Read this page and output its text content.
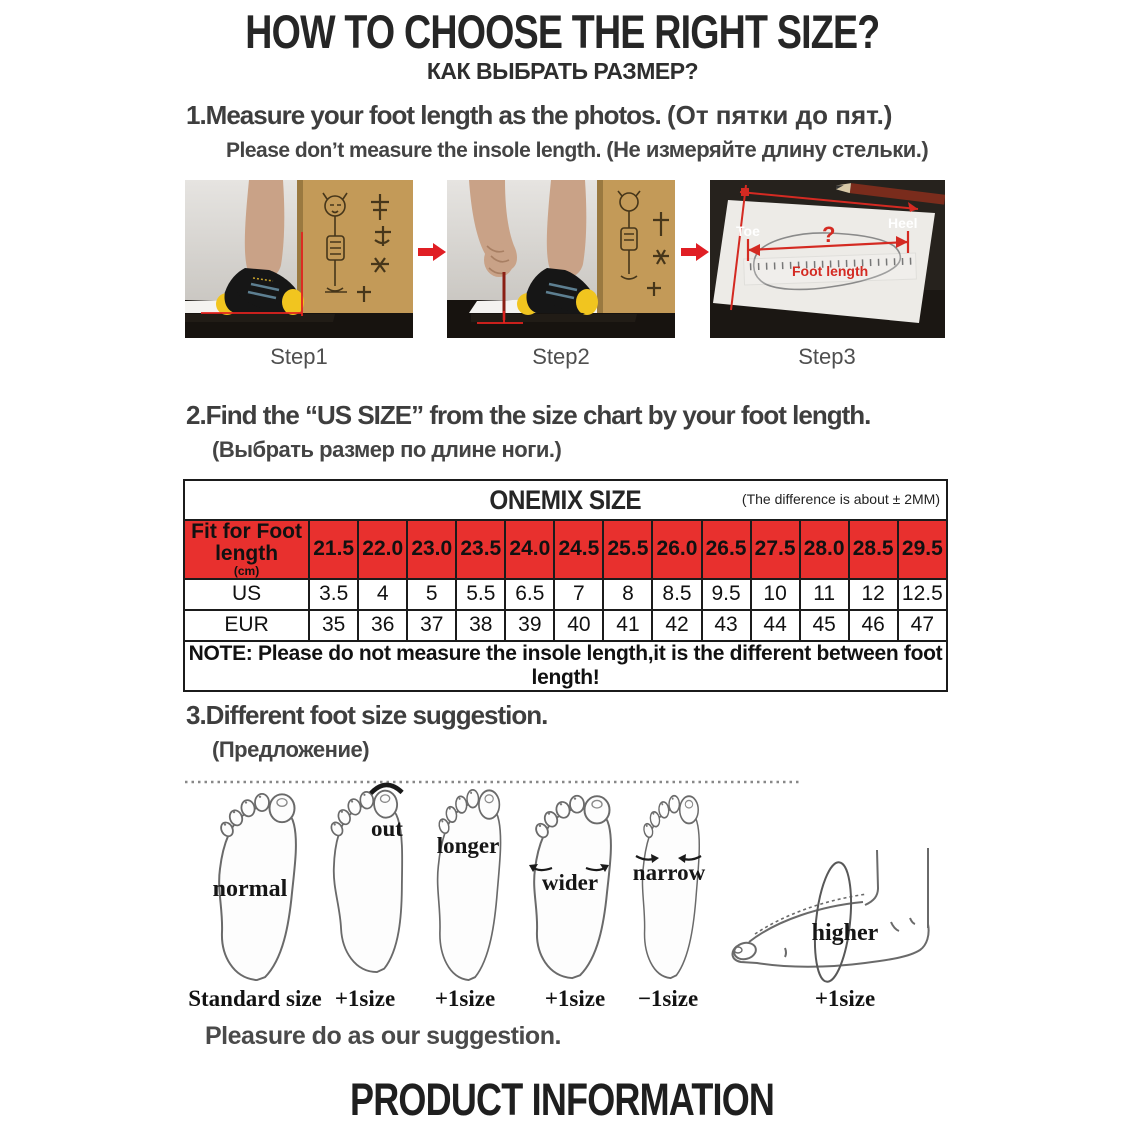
HOW TO CHOOSE THE RIGHT SIZE?
КАК ВЫБРАТЬ РАЗМЕР?
1.Measure your foot length as the photos. (От пятки до пят.)
Please don’t measure the insole length. (Не измеряйте длину стельки.)
Toe	Heel
?
Foot length
Step1	Step2	Step3
2.Find the “US SIZE” from the size chart by your foot length.
(Выбрать размер по длине ноги.)
ONEMIX SIZE (The difference is about ± 2MM)													

Fit for Foot length
(cm)	21.5	22.0	23.0	23.5	24.0	24.5	25.5	26.0	26.5	27.5	28.0	28.5	29.5
US	3.5	4	5	5.5	6.5	7	8	8.5	9.5	10	11	12	12.5
EUR	35	36	37	38	39	40	41	42	43	44	45	46	47
NOTE: Please do not measure the insole length,it is the different between foot length!													
3.Different foot size suggestion.
(Предложение)
normal
out
longer
wider narrow
higher
Standard size +1size +1size +1size −1size	+1size
Pleasure do as our suggestion.
PRODUCT INFORMATION
